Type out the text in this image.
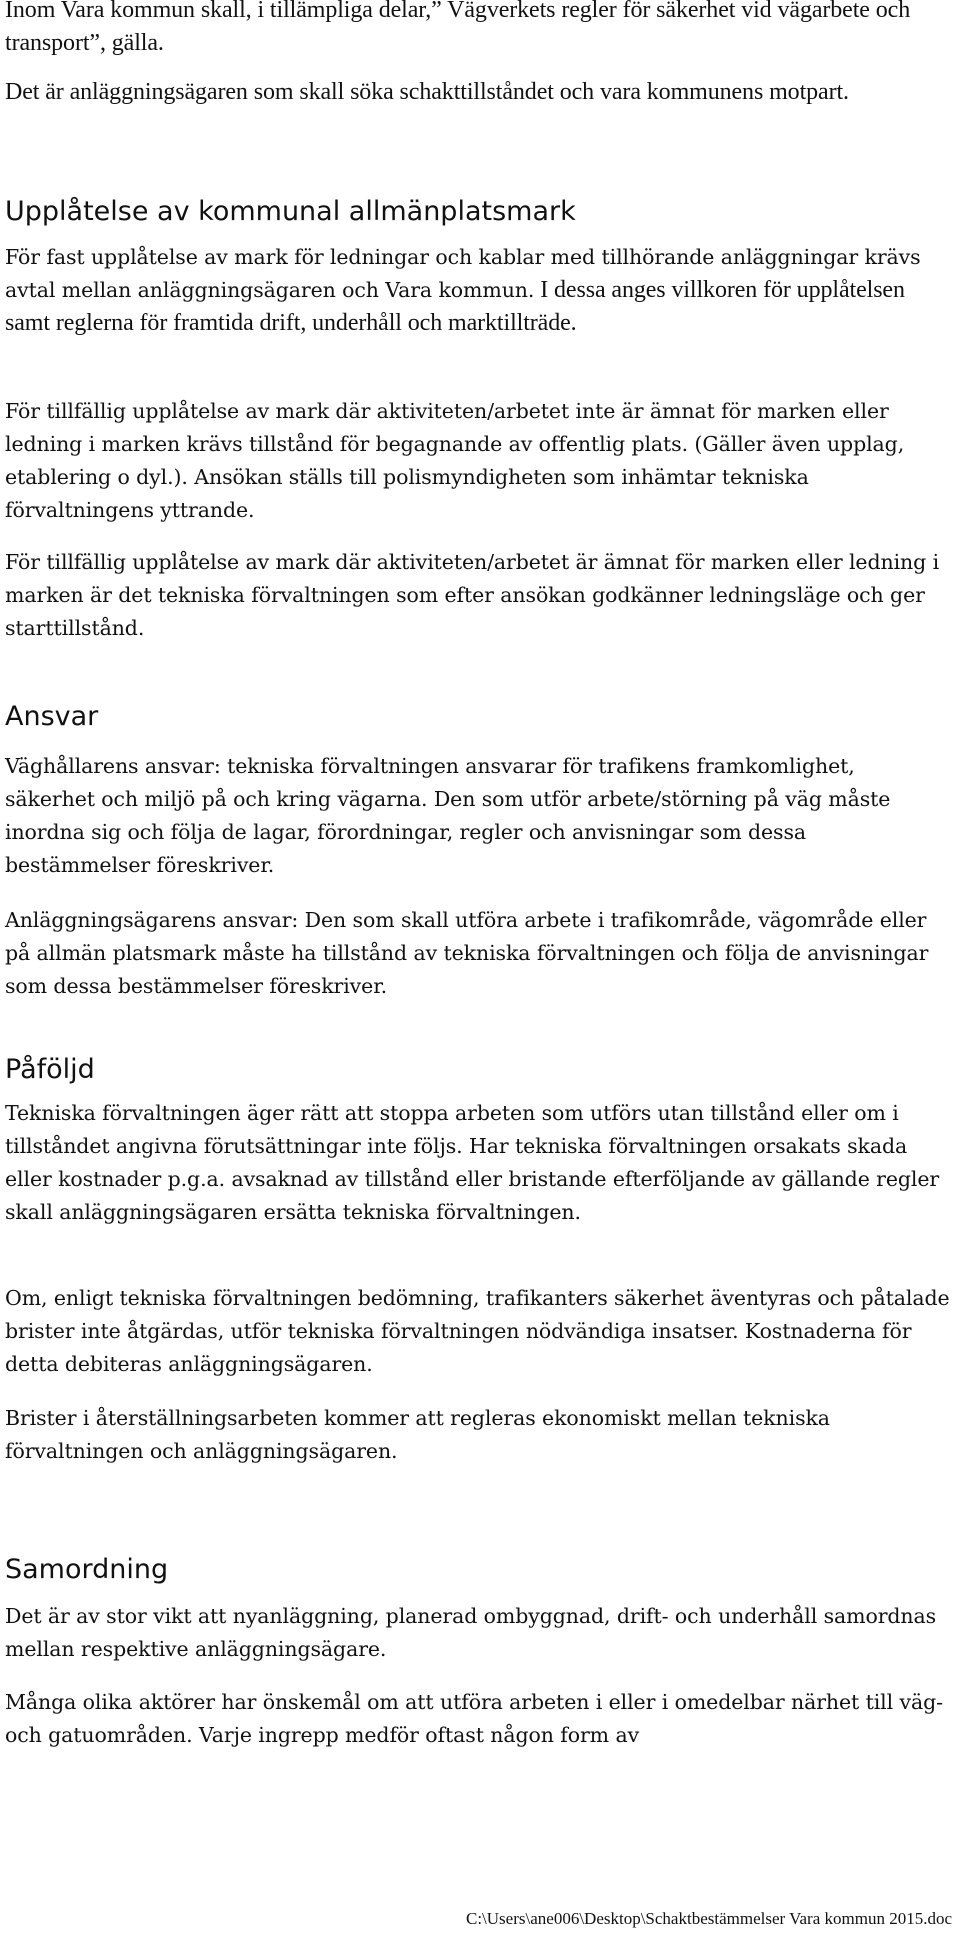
Inom Vara kommun skall, i tillämpliga delar,” Vägverkets regler för säkerhet vid vägarbete och transport”, gälla.

Det är anläggningsägaren som skall söka schakttillståndet och vara kommunens motpart.

Upplåtelse av kommunal allmänplatsmark

För fast upplåtelse av mark för ledningar och kablar med tillhörande anläggningar krävs avtal mellan anläggningsägaren och Vara kommun. I dessa anges villkoren för upplåtelsen samt reglerna för framtida drift, underhåll och marktillträde.

För tillfällig upplåtelse av mark där aktiviteten/arbetet inte är ämnat för marken eller ledning i marken krävs tillstånd för begagnande av offentlig plats. (Gäller även upplag, etablering o dyl.). Ansökan ställs till polismyndigheten som inhämtar tekniska förvaltningens yttrande.

För tillfällig upplåtelse av mark där aktiviteten/arbetet är ämnat för marken eller ledning i marken är det tekniska förvaltningen som efter ansökan godkänner ledningsläge och ger starttillstånd.

Ansvar

Väghållarens ansvar: tekniska förvaltningen ansvarar för trafikens framkomlighet, säkerhet och miljö på och kring vägarna. Den som utför arbete/störning på väg måste inordna sig och följa de lagar, förordningar, regler och anvisningar som dessa bestämmelser föreskriver.

Anläggningsägarens ansvar: Den som skall utföra arbete i trafikområde, vägområde eller på allmän platsmark måste ha tillstånd av tekniska förvaltningen och följa de anvisningar som dessa bestämmelser föreskriver.

Påföljd

Tekniska förvaltningen äger rätt att stoppa arbeten som utförs utan tillstånd eller om i tillståndet angivna förutsättningar inte följs. Har tekniska förvaltningen orsakats skada eller kostnader p.g.a. avsaknad av tillstånd eller bristande efterföljande av gällande regler skall anläggningsägaren ersätta tekniska förvaltningen.

Om, enligt tekniska förvaltningen bedömning, trafikanters säkerhet äventyras och påtalade brister inte åtgärdas, utför tekniska förvaltningen nödvändiga insatser. Kostnaderna för detta debiteras anläggningsägaren.

Brister i återställningsarbeten kommer att regleras ekonomiskt mellan tekniska förvaltningen och anläggningsägaren.

Samordning

Det är av stor vikt att nyanläggning, planerad ombyggnad, drift- och underhåll samordnas mellan respektive anläggningsägare.

Många olika aktörer har önskemål om att utföra arbeten i eller i omedelbar närhet till väg- och gatuområden. Varje ingrepp medför oftast någon form av

C:\Users\ane006\Desktop\Schaktbestämmelser Vara kommun 2015.doc
